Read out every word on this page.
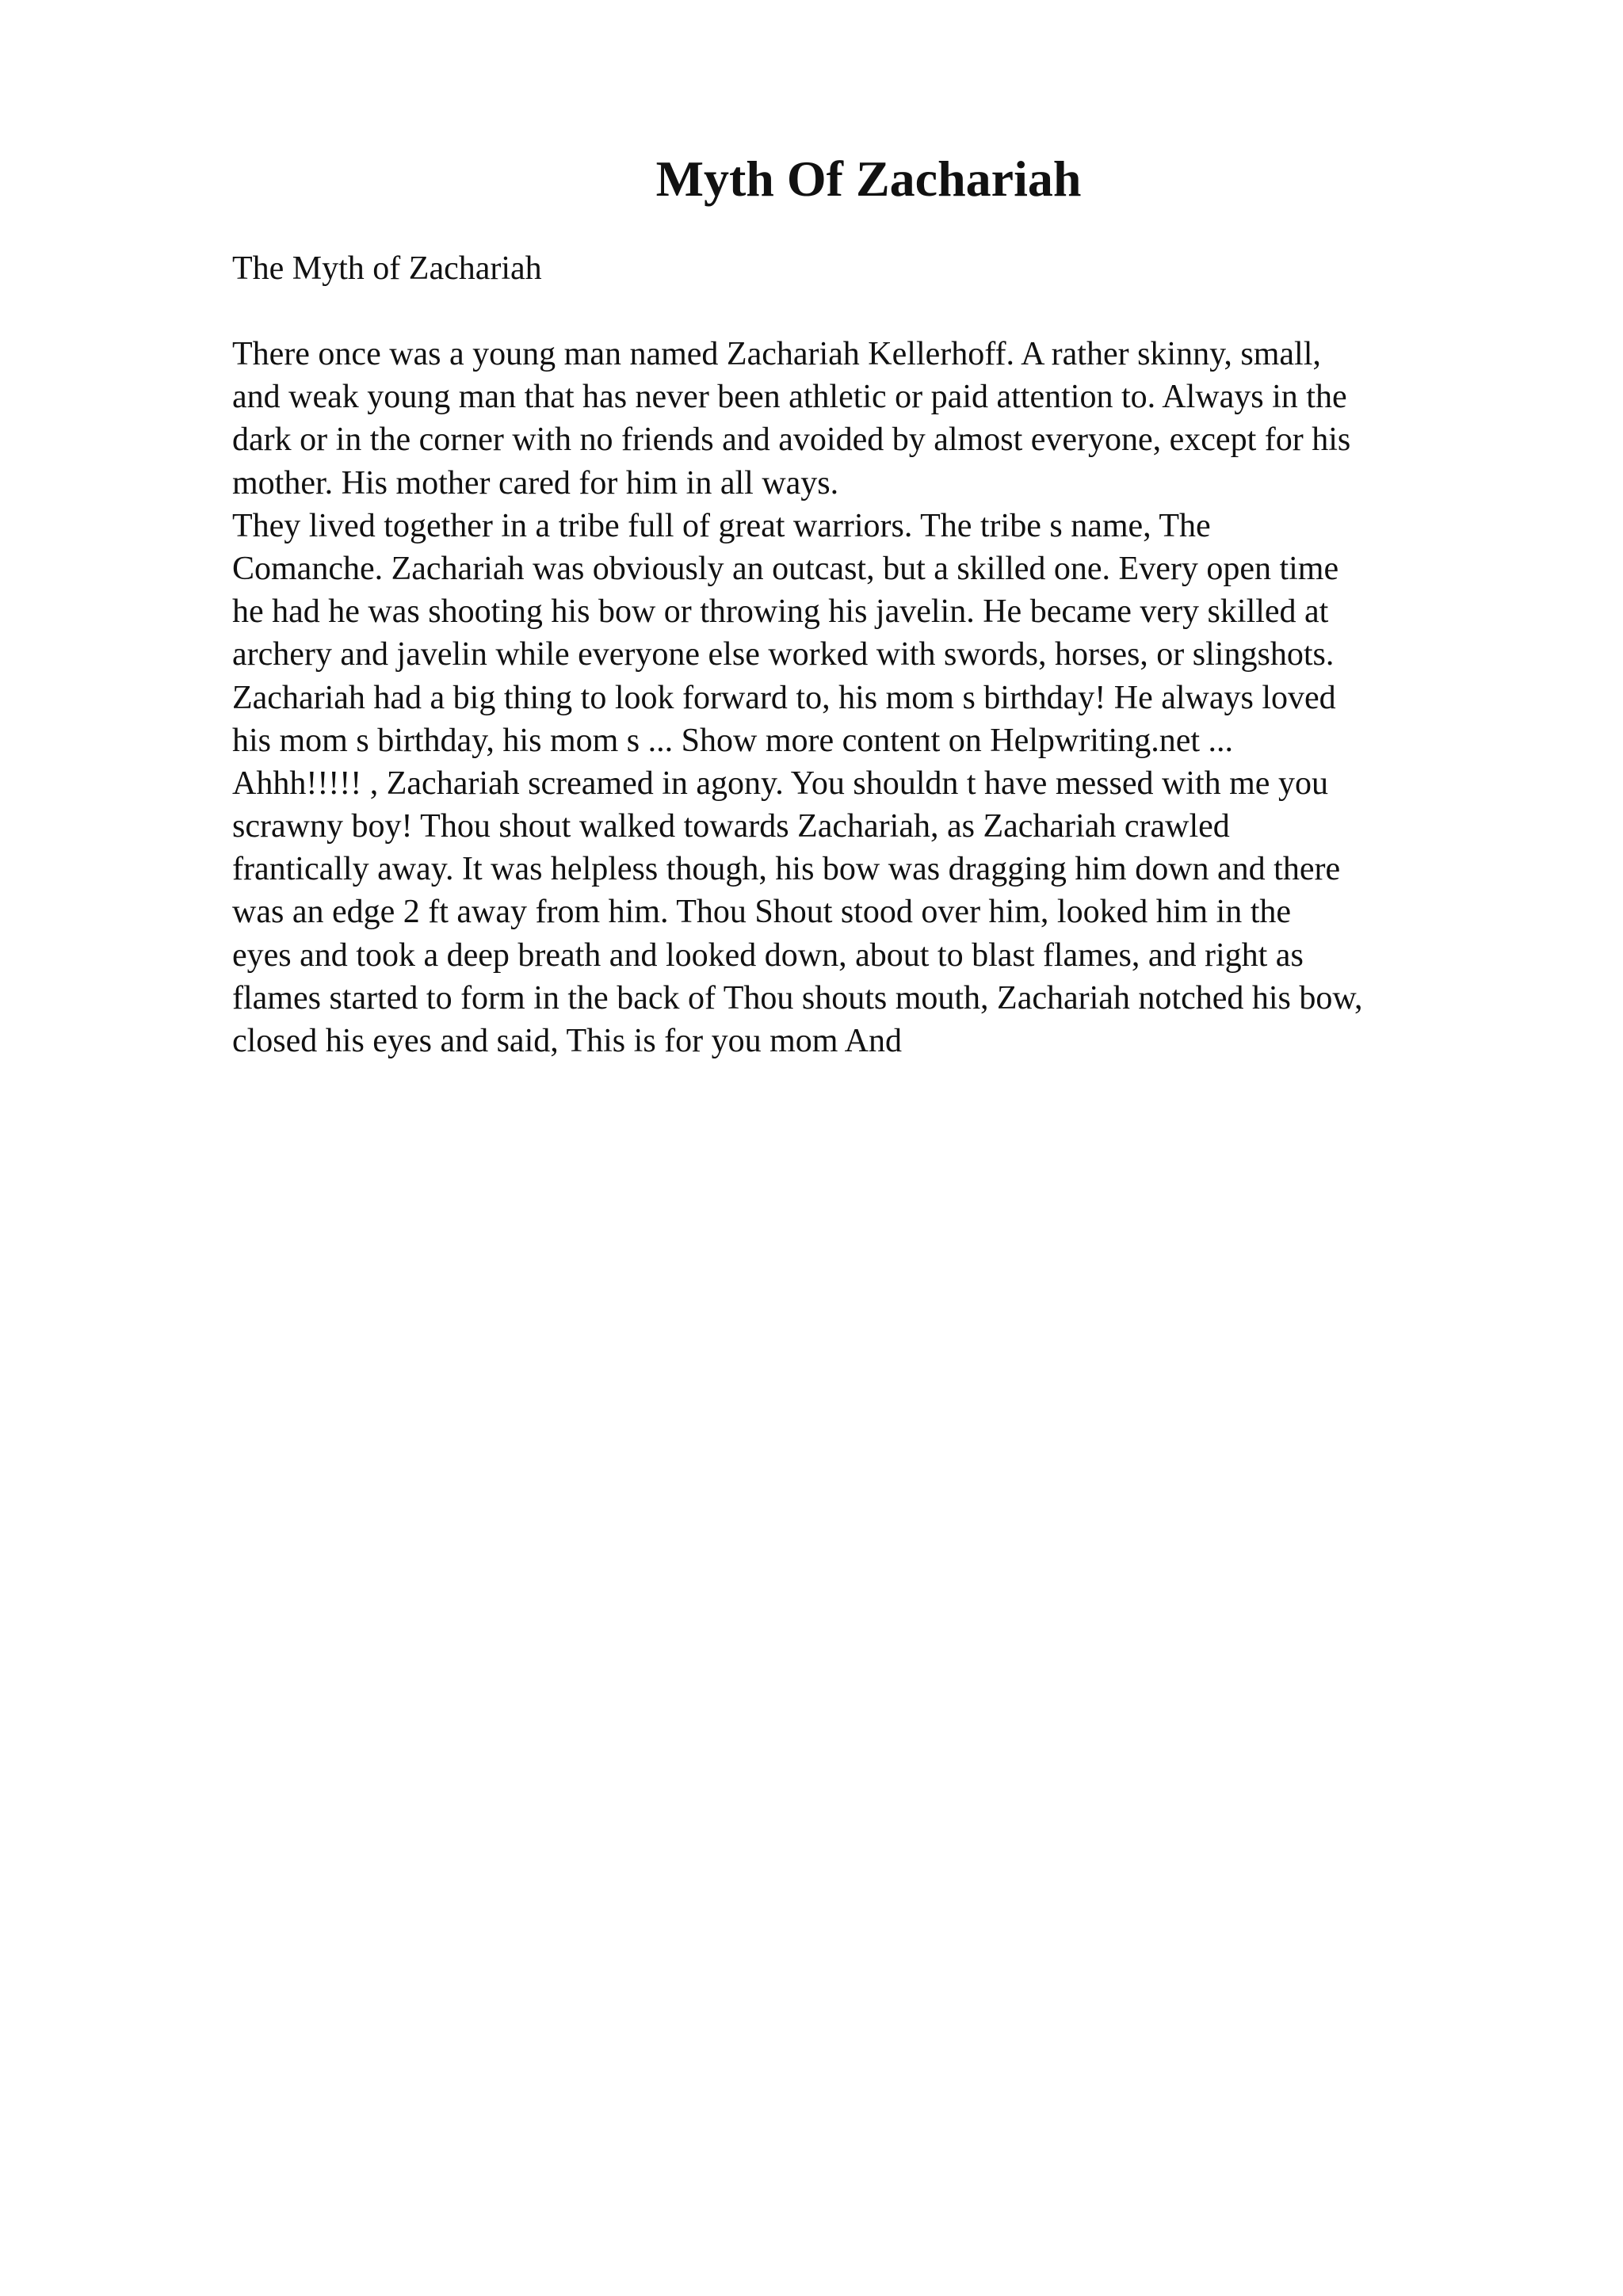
Myth Of Zachariah

The Myth of Zachariah

There once was a young man named Zachariah Kellerhoff. A rather skinny, small,
and weak young man that has never been athletic or paid attention to. Always in the
dark or in the corner with no friends and avoided by almost everyone, except for his
mother. His mother cared for him in all ways.
They lived together in a tribe full of great warriors. The tribe s name, The
Comanche. Zachariah was obviously an outcast, but a skilled one. Every open time
he had he was shooting his bow or throwing his javelin. He became very skilled at
archery and javelin while everyone else worked with swords, horses, or slingshots.
Zachariah had a big thing to look forward to, his mom s birthday! He always loved
his mom s birthday, his mom s ... Show more content on Helpwriting.net ...
Ahhh!!!!! , Zachariah screamed in agony. You shouldn t have messed with me you
scrawny boy! Thou shout walked towards Zachariah, as Zachariah crawled
frantically away. It was helpless though, his bow was dragging him down and there
was an edge 2 ft away from him. Thou Shout stood over him, looked him in the
eyes and took a deep breath and looked down, about to blast flames, and right as
flames started to form in the back of Thou shouts mouth, Zachariah notched his bow,
closed his eyes and said, This is for you mom And
